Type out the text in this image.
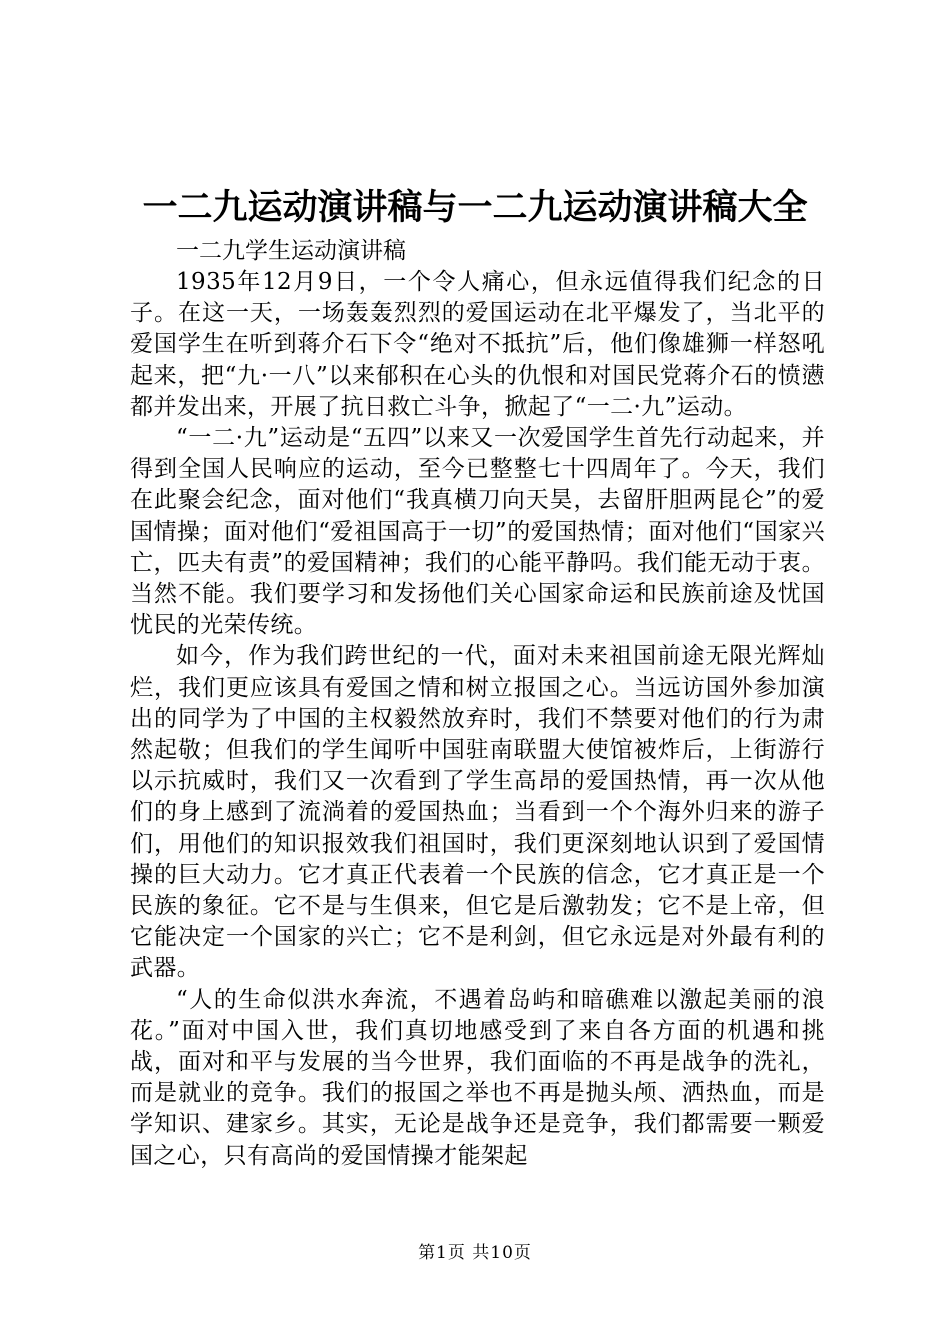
一二九运动演讲稿与一二九运动演讲稿大全

一二九学生运动演讲稿

1935年12月9日，一个令人痛心，但永远值得我们纪念的日子。在这一天，一场轰轰烈烈的爱国运动在北平爆发了，当北平的爱国学生在听到蒋介石下令“绝对不抵抗”后，他们像雄狮一样怒吼起来，把“九·一八”以来郁积在心头的仇恨和对国民党蒋介石的愤懑都并发出来，开展了抗日救亡斗争，掀起了“一二·九”运动。

“一二·九”运动是“五四”以来又一次爱国学生首先行动起来，并得到全国人民响应的运动，至今已整整七十四周年了。今天，我们在此聚会纪念，面对他们“我真横刀向天昊，去留肝胆两昆仑”的爱国情操；面对他们“爱祖国高于一切”的爱国热情；面对他们“国家兴亡，匹夫有责”的爱国精神；我们的心能平静吗。我们能无动于衷。当然不能。我们要学习和发扬他们关心国家命运和民族前途及忧国忧民的光荣传统。

如今，作为我们跨世纪的一代，面对未来祖国前途无限光辉灿烂，我们更应该具有爱国之情和树立报国之心。当远访国外参加演出的同学为了中国的主权毅然放弃时，我们不禁要对他们的行为肃然起敬；但我们的学生闻听中国驻南联盟大使馆被炸后，上街游行以示抗威时，我们又一次看到了学生高昂的爱国热情，再一次从他们的身上感到了流淌着的爱国热血；当看到一个个海外归来的游子们，用他们的知识报效我们祖国时，我们更深刻地认识到了爱国情操的巨大动力。它才真正代表着一个民族的信念，它才真正是一个民族的象征。它不是与生俱来，但它是后激勃发；它不是上帝，但它能决定一个国家的兴亡；它不是利剑，但它永远是对外最有利的武器。

“人的生命似洪水奔流，不遇着岛屿和暗礁难以激起美丽的浪花。”面对中国入世，我们真切地感受到了来自各方面的机遇和挑战，面对和平与发展的当今世界，我们面临的不再是战争的洗礼，而是就业的竞争。我们的报国之举也不再是抛头颅、洒热血，而是学知识、建家乡。其实，无论是战争还是竞争，我们都需要一颗爱国之心，只有高尚的爱国情操才能架起

第1页 共10页
